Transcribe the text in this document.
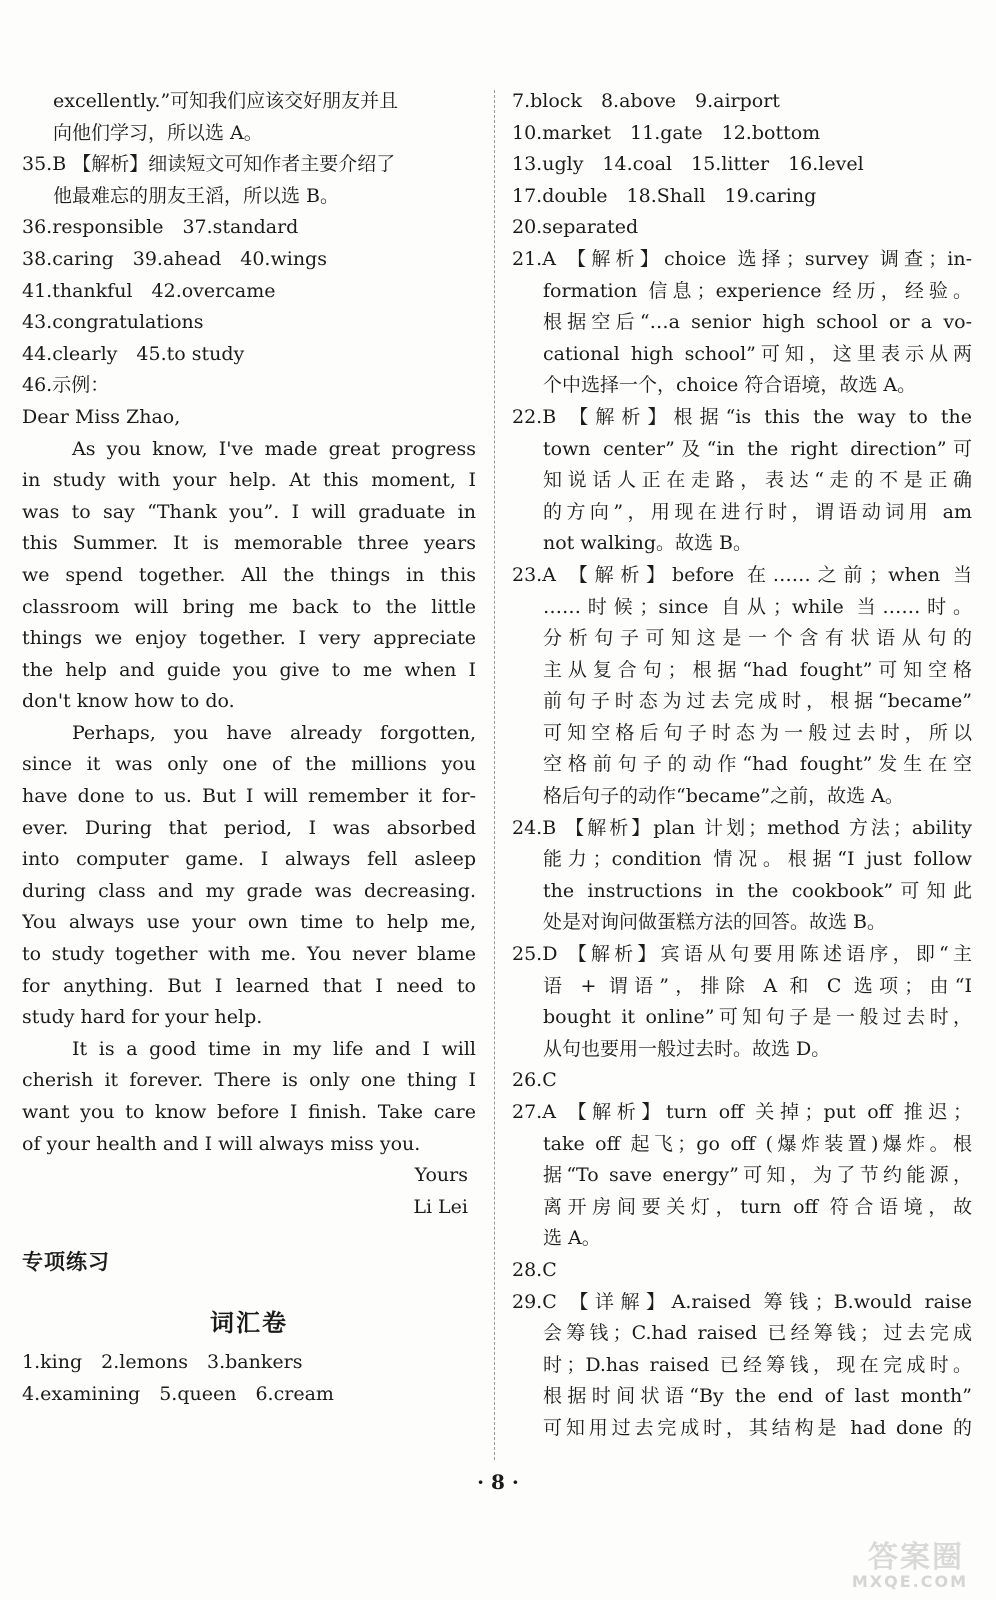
excellently.”可知我们应该交好朋友并且
向他们学习，所以选 A。
35.B 【解析】细读短文可知作者主要介绍了
他最难忘的朋友王滔，所以选 B。
36.responsible　37.standard
38.caring　39.ahead　40.wings
41.thankful　42.overcame
43.congratulations
44.clearly　45.to study
46.示例：
Dear Miss Zhao,
As you know, I've made great progress
in study with your help. At this moment, I
was to say “Thank you”. I will graduate in
this Summer. It is memorable three years
we spend together. All the things in this
classroom will bring me back to the little
things we enjoy together. I very appreciate
the help and guide you give to me when I
don't know how to do.
Perhaps, you have already forgotten,
since it was only one of the millions you
have done to us. But I will remember it for-
ever. During that period, I was absorbed
into computer game. I always fell asleep
during class and my grade was decreasing.
You always use your own time to help me,
to study together with me. You never blame
for anything. But I learned that I need to
study hard for your help.
It is a good time in my life and I will
cherish it forever. There is only one thing I
want you to know before I finish. Take care
of your health and I will always miss you.
Yours
Li Lei
专项练习
词汇卷
1.king　2.lemons　3.bankers
4.examining　5.queen　6.cream
7.block　8.above　9.airport
10.market　11.gate　12.bottom
13.ugly　14.coal　15.litter　16.level
17.double　18.Shall　19.caring
20.separated
21.A 【解析】choice 选择；survey 调查；in-
formation 信息；experience 经历，经验。
根据空后“…a senior high school or a vo-
cational high school”可知，这里表示从两
个中选择一个，choice 符合语境，故选 A。
22.B 【解析】根据“is this the way to the
town center”及“in the right direction”可
知说话人正在走路，表达“走的不是正确
的方向”，用现在进行时，谓语动词用 am
not walking。故选 B。
23.A 【解析】before 在……之前；when 当
……时候；since 自从；while 当……时。
分析句子可知这是一个含有状语从句的
主从复合句；根据“had fought”可知空格
前句子时态为过去完成时，根据“became”
可知空格后句子时态为一般过去时，所以
空格前句子的动作“had fought”发生在空
格后句子的动作“became”之前，故选 A。
24.B 【解析】plan 计划；method 方法；ability
能力；condition 情况。根据“I just follow
the instructions in the cookbook”可知此
处是对询问做蛋糕方法的回答。故选 B。
25.D 【解析】宾语从句要用陈述语序，即“主
语 + 谓语”，排除 A 和 C 选项；由“I
bought it online”可知句子是一般过去时，
从句也要用一般过去时。故选 D。
26.C
27.A 【解析】turn off 关掉；put off 推迟；
take off 起飞；go off (爆炸装置)爆炸。根
据“To save energy”可知，为了节约能源，
离开房间要关灯，turn off 符合语境，故
选 A。
28.C
29.C 【详解】A.raised 筹钱；B.would raise
会筹钱；C.had raised 已经筹钱；过去完成
时；D.has raised 已经筹钱，现在完成时。
根据时间状语“By the end of last month”
可知用过去完成时，其结构是 had done 的
· 8 ·
答案圈
MXQE.COM
